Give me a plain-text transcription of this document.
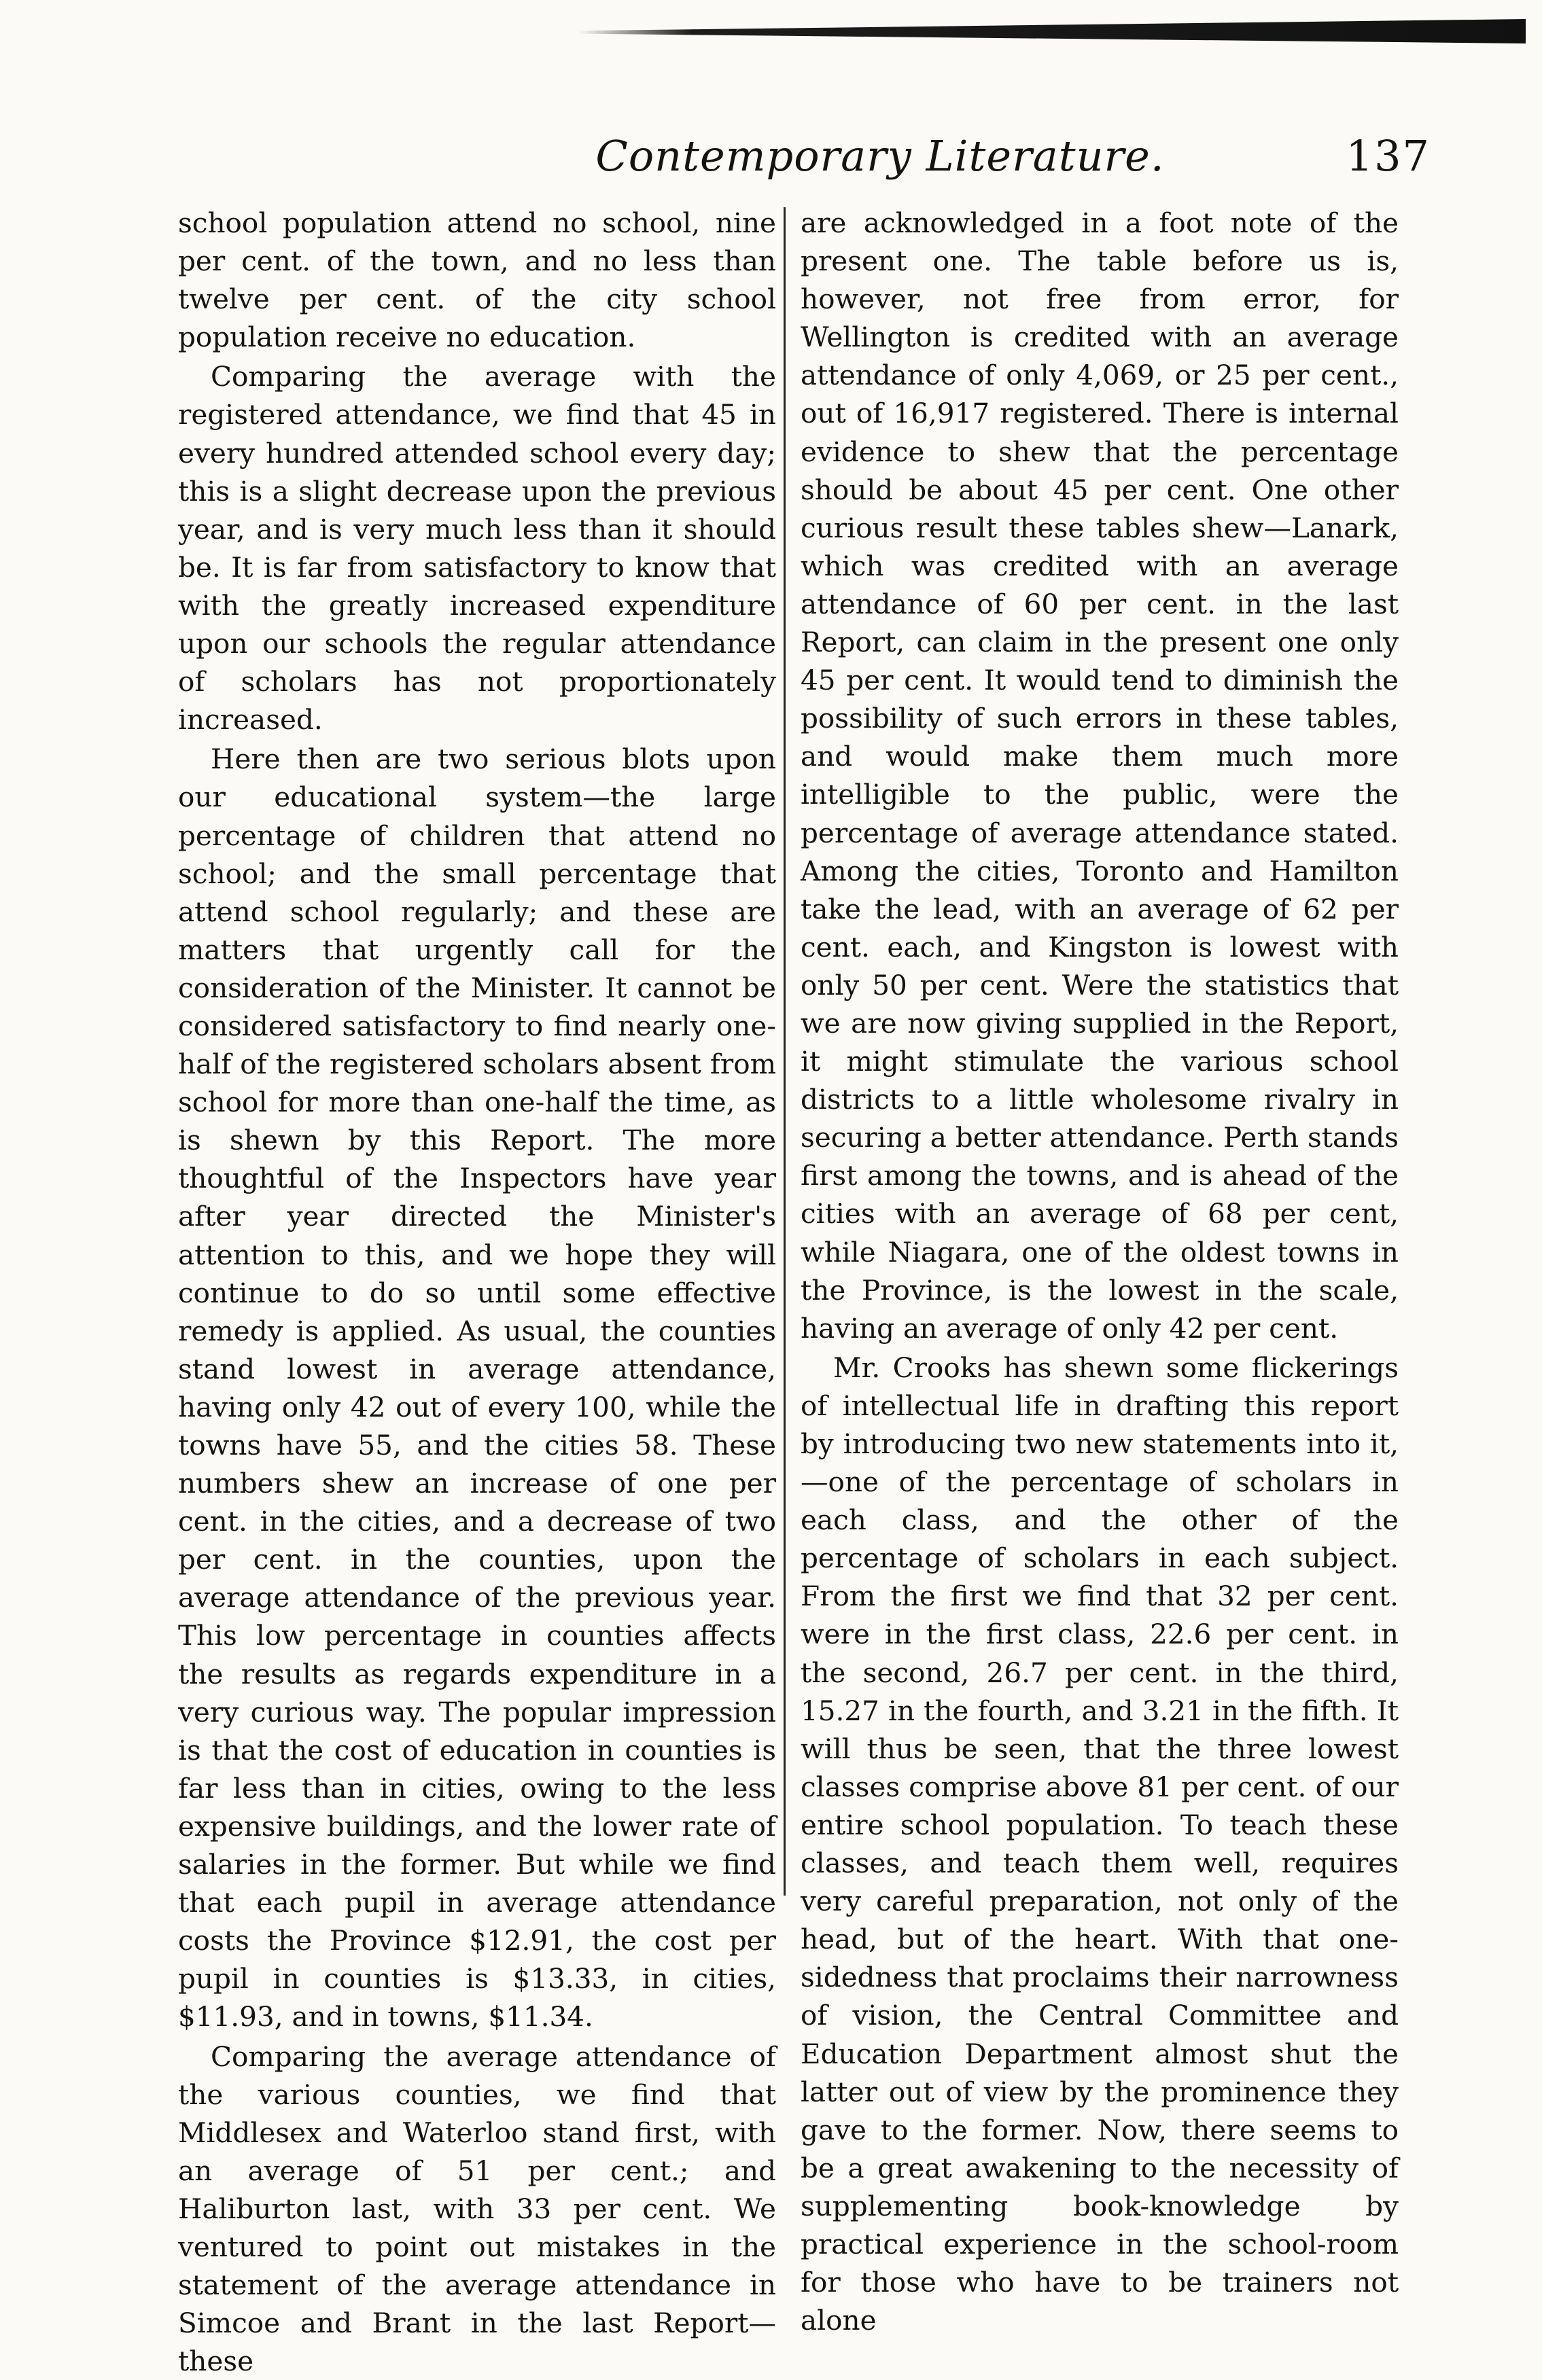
Contemporary Literature.	137

school population attend no school, nine per cent. of the town, and no less than twelve per cent. of the city school population receive no education.

Comparing the average with the registered attendance, we find that 45 in every hundred attended school every day; this is a slight decrease upon the previous year, and is very much less than it should be. It is far from satisfactory to know that with the greatly increased expenditure upon our schools the regular attendance of scholars has not proportionately increased.

Here then are two serious blots upon our educational system—the large percentage of children that attend no school; and the small percentage that attend school regularly; and these are matters that urgently call for the consideration of the Minister. It cannot be considered satisfactory to find nearly one-half of the registered scholars absent from school for more than one-half the time, as is shewn by this Report. The more thoughtful of the Inspectors have year after year directed the Minister's attention to this, and we hope they will continue to do so until some effective remedy is applied. As usual, the counties stand lowest in average attendance, having only 42 out of every 100, while the towns have 55, and the cities 58. These numbers shew an increase of one per cent. in the cities, and a decrease of two per cent. in the counties, upon the average attendance of the previous year. This low percentage in counties affects the results as regards expenditure in a very curious way. The popular impression is that the cost of education in counties is far less than in cities, owing to the less expensive buildings, and the lower rate of salaries in the former. But while we find that each pupil in average attendance costs the Province $12.91, the cost per pupil in counties is $13.33, in cities, $11.93, and in towns, $11.34.

Comparing the average attendance of the various counties, we find that Middlesex and Waterloo stand first, with an average of 51 per cent.; and Haliburton last, with 33 per cent. We ventured to point out mistakes in the statement of the average attendance in Simcoe and Brant in the last Report—these

are acknowledged in a foot note of the present one. The table before us is, however, not free from error, for Wellington is credited with an average attendance of only 4,069, or 25 per cent., out of 16,917 registered. There is internal evidence to shew that the percentage should be about 45 per cent. One other curious result these tables shew—Lanark, which was credited with an average attendance of 60 per cent. in the last Report, can claim in the present one only 45 per cent. It would tend to diminish the possibility of such errors in these tables, and would make them much more intelligible to the public, were the percentage of average attendance stated. Among the cities, Toronto and Hamilton take the lead, with an average of 62 per cent. each, and Kingston is lowest with only 50 per cent. Were the statistics that we are now giving supplied in the Report, it might stimulate the various school districts to a little wholesome rivalry in securing a better attendance. Perth stands first among the towns, and is ahead of the cities with an average of 68 per cent, while Niagara, one of the oldest towns in the Province, is the lowest in the scale, having an average of only 42 per cent.

Mr. Crooks has shewn some flickerings of intellectual life in drafting this report by introducing two new statements into it,—one of the percentage of scholars in each class, and the other of the percentage of scholars in each subject. From the first we find that 32 per cent. were in the first class, 22.6 per cent. in the second, 26.7 per cent. in the third, 15.27 in the fourth, and 3.21 in the fifth. It will thus be seen, that the three lowest classes comprise above 81 per cent. of our entire school population. To teach these classes, and teach them well, requires very careful preparation, not only of the head, but of the heart. With that one-sidedness that proclaims their narrowness of vision, the Central Committee and Education Department almost shut the latter out of view by the prominence they gave to the former. Now, there seems to be a great awakening to the necessity of supplementing book-knowledge by practical experience in the school-room for those who have to be trainers not alone
